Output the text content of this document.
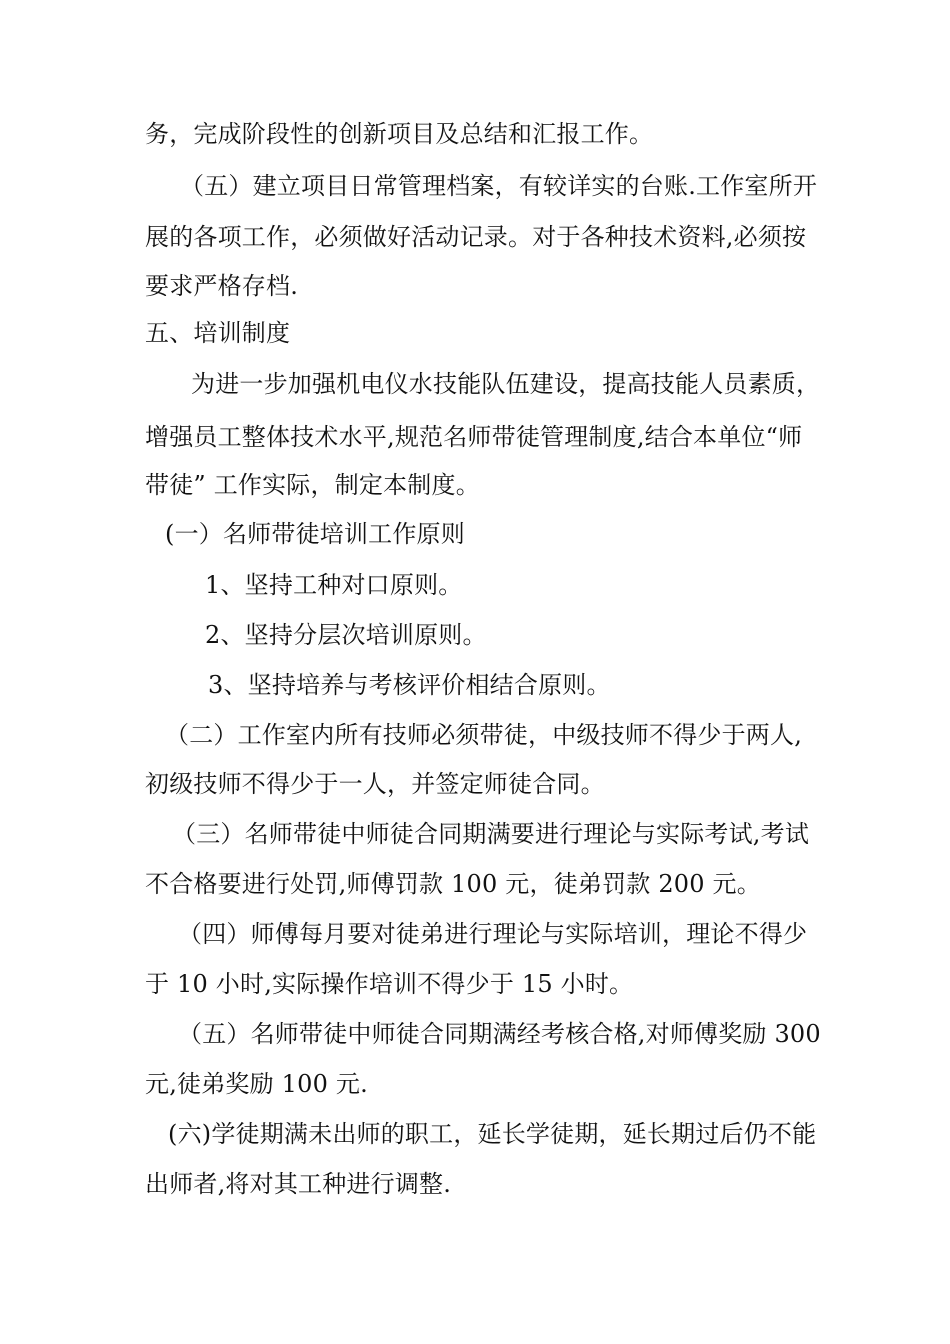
务，完成阶段性的创新项目及总结和汇报工作。
（五）建立项目日常管理档案，有较详实的台账.工作室所开
展的各项工作，必须做好活动记录。对于各种技术资料,必须按
要求严格存档.
五、培训制度
为进一步加强机电仪水技能队伍建设，提高技能人员素质，
增强员工整体技术水平,规范名师带徒管理制度,结合本单位“师
带徒” 工作实际，制定本制度。
(一）名师带徒培训工作原则
1、坚持工种对口原则。
2、坚持分层次培训原则。
3、坚持培养与考核评价相结合原则。
（二）工作室内所有技师必须带徒，中级技师不得少于两人,
初级技师不得少于一人，并签定师徒合同。
（三）名师带徒中师徒合同期满要进行理论与实际考试,考试
不合格要进行处罚,师傅罚款 100 元，徒弟罚款 200 元。
（四）师傅每月要对徒弟进行理论与实际培训，理论不得少
于 10 小时,实际操作培训不得少于 15 小时。
（五）名师带徒中师徒合同期满经考核合格,对师傅奖励 300
元,徒弟奖励 100 元.
(六)学徒期满未出师的职工，延长学徒期，延长期过后仍不能
出师者,将对其工种进行调整.
